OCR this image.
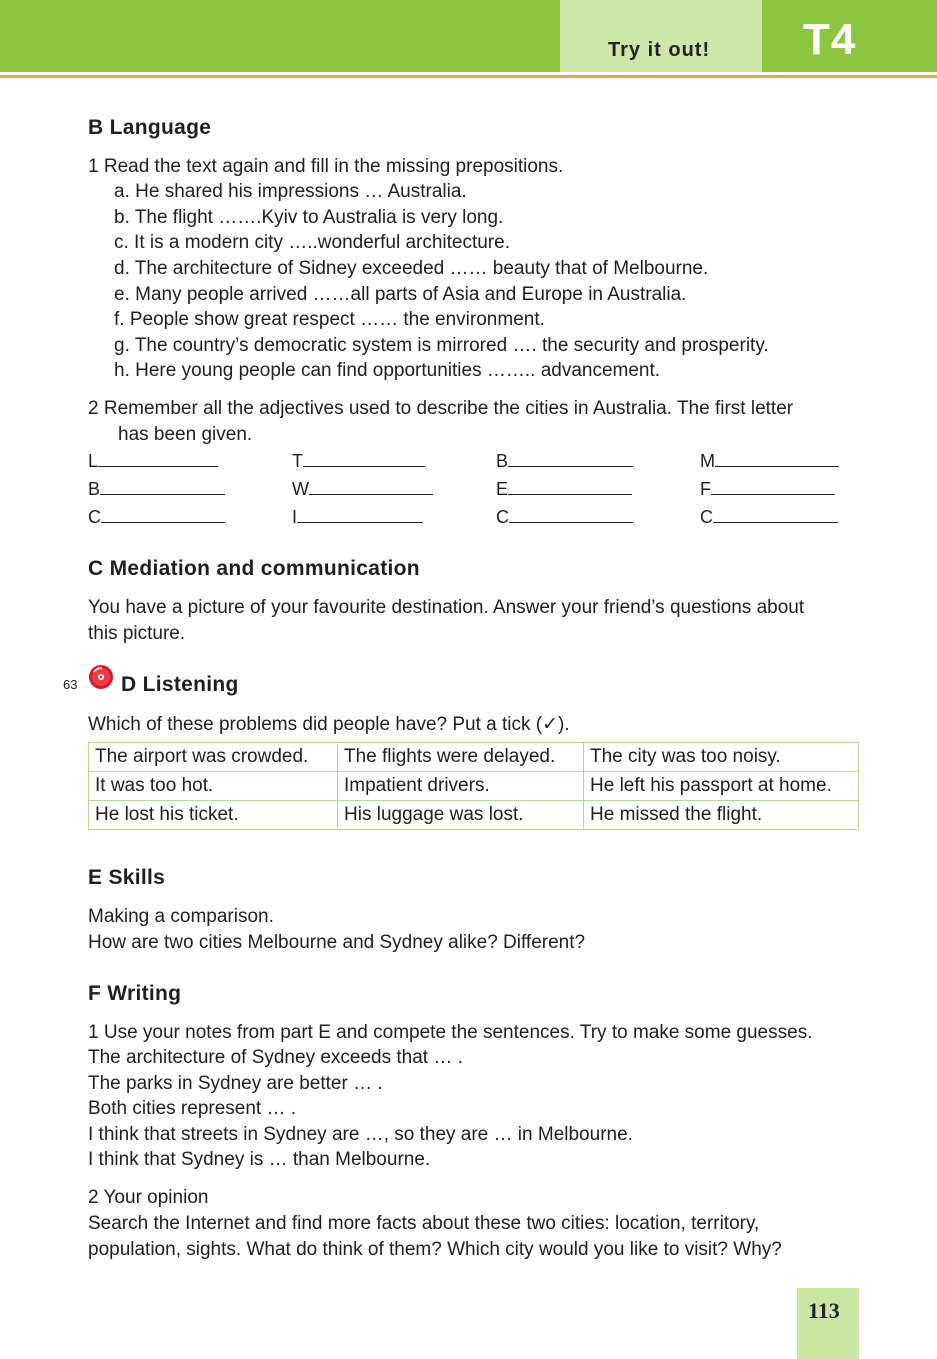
Try it out! T4
B Language
1 Read the text again and fill in the missing prepositions.
a. He shared his impressions … Australia.
b. The flight …….Kyiv to Australia is very long.
c. It is a modern city …..wonderful architecture.
d. The architecture of Sidney exceeded …… beauty that of Melbourne.
e. Many people arrived ……all parts of Asia and Europe in Australia.
f. People show great respect …… the environment.
g. The country’s democratic system is mirrored …. the security and prosperity.
h. Here young people can find opportunities …….. advancement.
2 Remember all the adjectives used to describe the cities in Australia. The first letter
has been given.
L	T	B	M
B	W	E	F
C	I	C	C
C Mediation and communication
You have a picture of your favourite destination. Answer your friend’s questions about
this picture.
63 D Listening
Which of these problems did people have? Put a tick (✓).
The airport was crowded.	The flights were delayed.	The city was too noisy.
It was too hot.	Impatient drivers.	He left his passport at home.
He lost his ticket.	His luggage was lost.	He missed the flight.
E Skills
Making a comparison.
How are two cities Melbourne and Sydney alike? Different?
F Writing
1 Use your notes from part E and compete the sentences. Try to make some guesses.
The architecture of Sydney exceeds that … .
The parks in Sydney are better … .
Both cities represent … .
I think that streets in Sydney are …, so they are … in Melbourne.
I think that Sydney is … than Melbourne.
2 Your opinion
Search the Internet and find more facts about these two cities: location, territory,
population, sights. What do think of them? Which city would you like to visit? Why?
113
